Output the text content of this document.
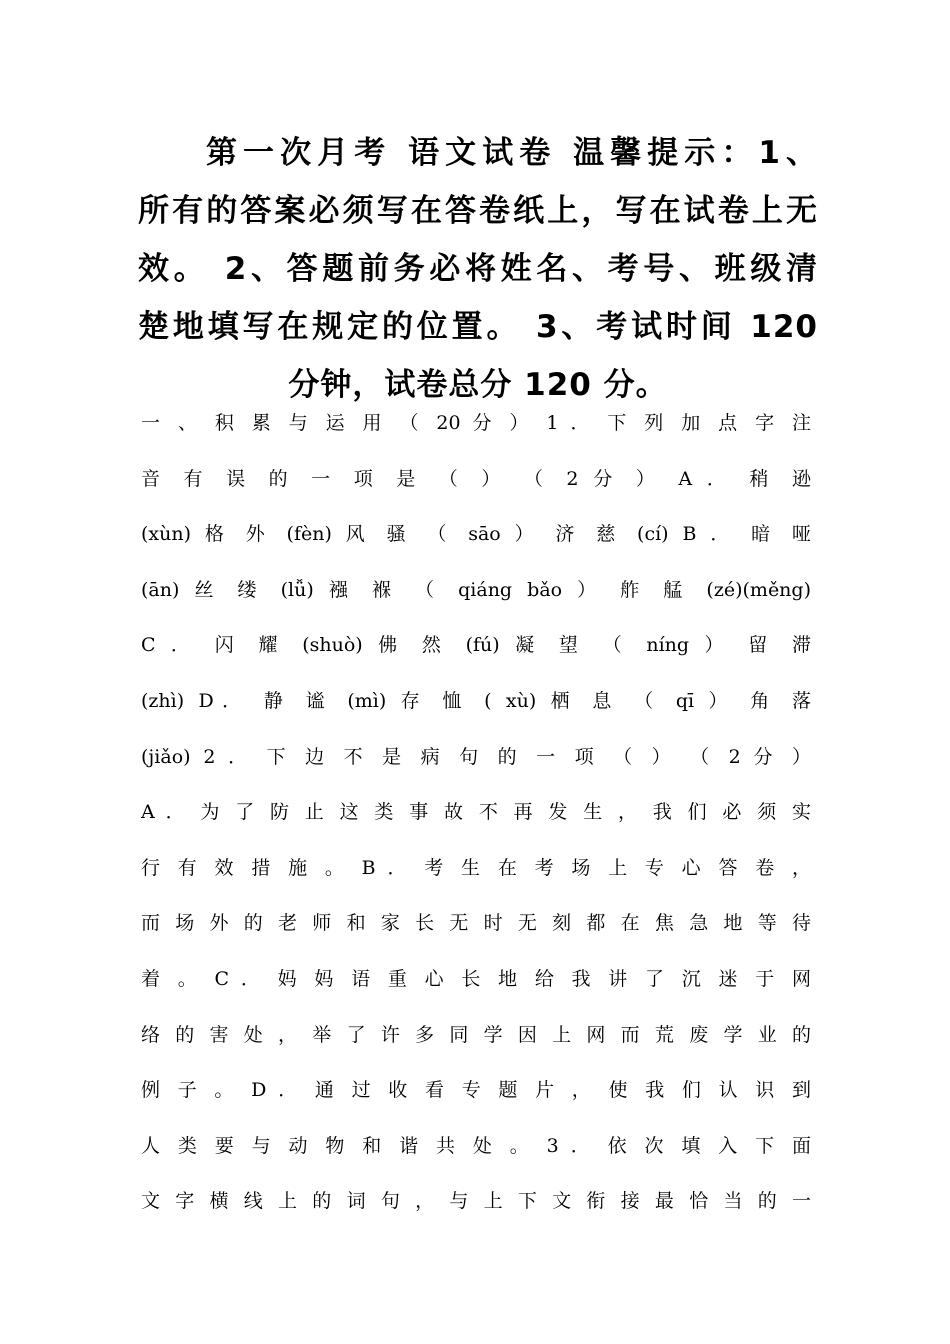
第一次月考 语文试卷 温馨提示：1、
所有的答案必须写在答卷纸上，写在试卷上无
效。 2、答题前务必将姓名、考号、班级清
楚地填写在规定的位置。 3、考试时间 120
分钟，试卷总分 120 分。
一 、 积 累 与 运 用 （ 20 分 ） 1 ． 下 列 加 点 字 注
音 有 误 的 一 项 是 （ ） （ 2 分 ） A ． 稍 逊
(xùn) 格 外 (fèn) 风 骚 （ sāo ） 济 慈 (cí) B ． 暗 哑
(ān) 丝 缕 (lǚ) 襁 褓 （ qiáng bǎo ） 舴 艋 (zé)(měng)
C ． 闪 耀 (shuò) 佛 然 (fú) 凝 望 （ níng ） 留 滞
(zhì) D． 静 谧 (mì) 存 恤 ( xù) 栖 息 （ qī ） 角 落
(jiǎo) 2 ． 下 边 不 是 病 句 的 一 项 （ ） （ 2 分 ）
A ． 为 了 防 止 这 类 事 故 不 再 发 生 ， 我 们 必 须 实
行 有 效 措 施 。 B ． 考 生 在 考 场 上 专 心 答 卷 ，
而 场 外 的 老 师 和 家 长 无 时 无 刻 都 在 焦 急 地 等 待
着 。 C ． 妈 妈 语 重 心 长 地 给 我 讲 了 沉 迷 于 网
络 的 害 处 ， 举 了 许 多 同 学 因 上 网 而 荒 废 学 业 的
例 子 。 D ． 通 过 收 看 专 题 片 ， 使 我 们 认 识 到
人 类 要 与 动 物 和 谐 共 处 。 3 ． 依 次 填 入 下 面
文 字 横 线 上 的 词 句 ， 与 上 下 文 衔 接 最 恰 当 的 一
